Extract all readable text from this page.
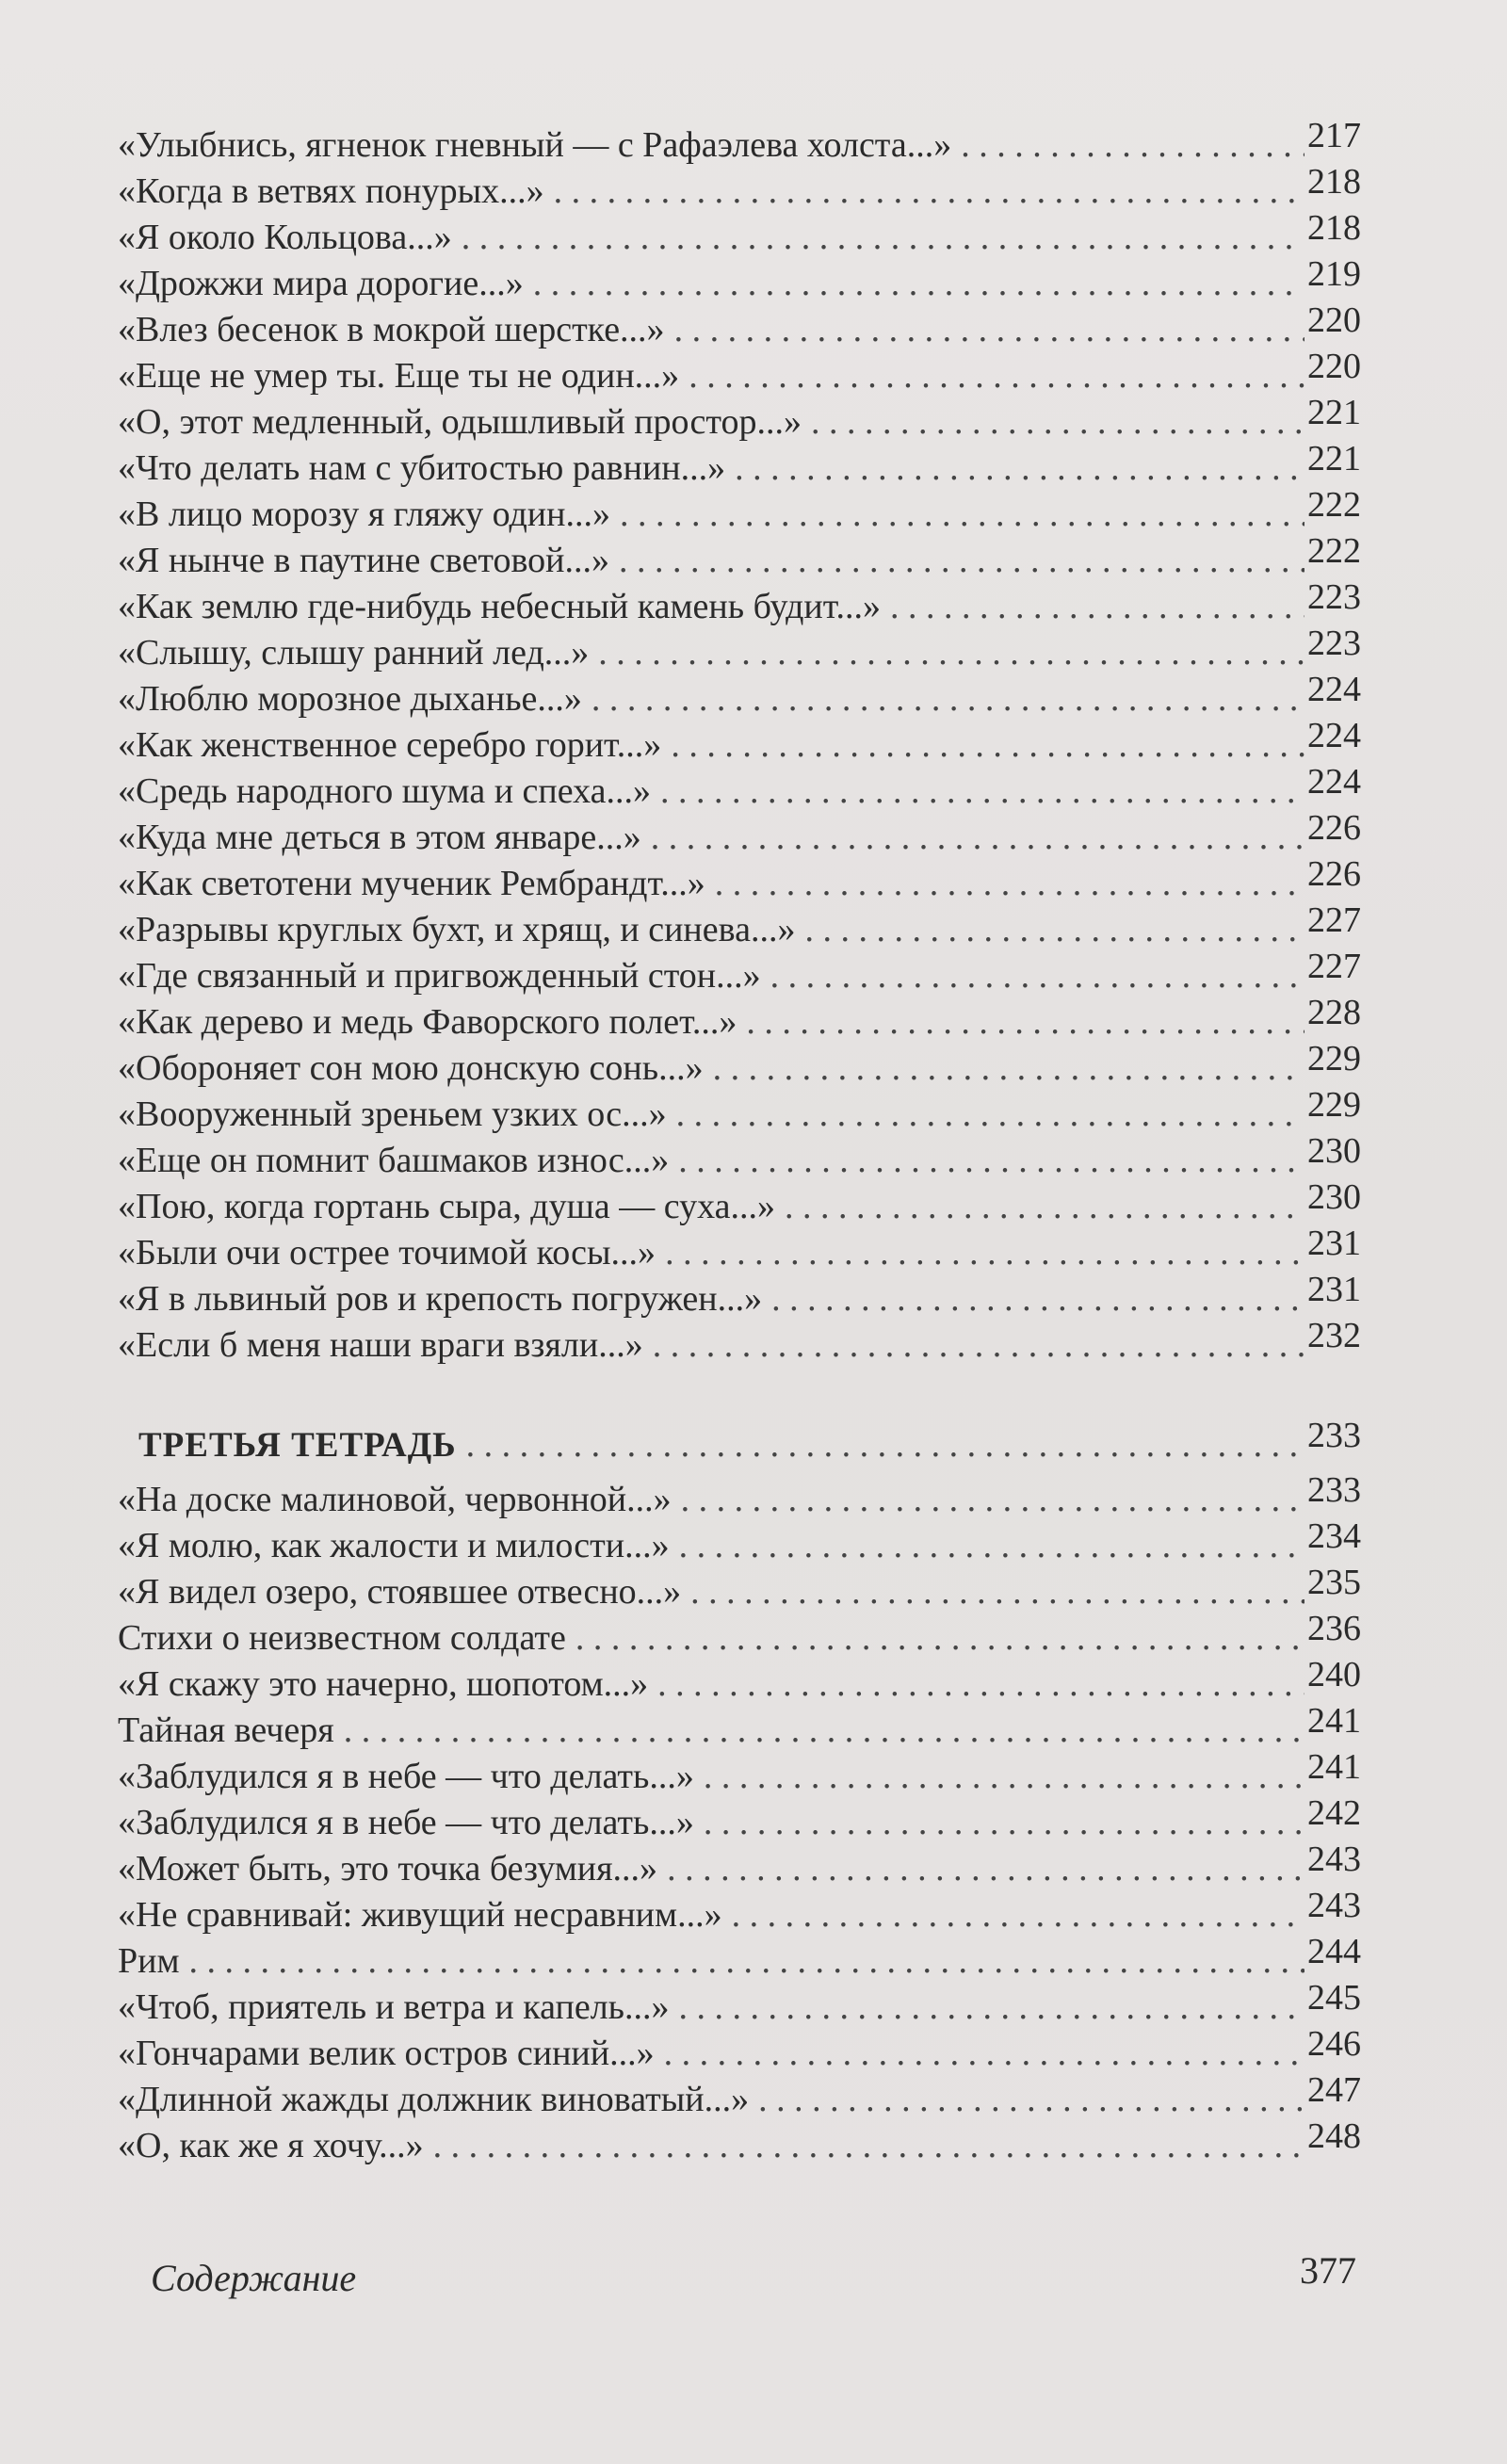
«Улыбнись, ягненок гневный — с Рафаэлева холста...» . . .	217
«Когда в ветвях понурых...» . . .	218
«Я около Кольцова...» . . .	218
«Дрожжи мира дорогие...» . . .	219
«Влез бесенок в мокрой шерстке...» . . .	220
«Еще не умер ты. Еще ты не один...» . . .	220
«О, этот медленный, одышливый простор...» . . .	221
«Что делать нам с убитостью равнин...» . . .	221
«В лицо морозу я гляжу один...» . . .	222
«Я нынче в паутине световой...» . . .	222
«Как землю где-нибудь небесный камень будит...» . . .	223
«Слышу, слышу ранний лед...» . . .	223
«Люблю морозное дыханье...» . . .	224
«Как женственное серебро горит...» . . .	224
«Средь народного шума и спеха...» . . .	224
«Куда мне деться в этом январе...» . . .	226
«Как светотени мученик Рембрандт...» . . .	226
«Разрывы круглых бухт, и хрящ, и синева...» . . .	227
«Где связанный и пригвожденный стон...» . . .	227
«Как дерево и медь Фаворского полет...» . . .	228
«Обороняет сон мою донскую сонь...» . . .	229
«Вооруженный зреньем узких ос...» . . .	229
«Еще он помнит башмаков износ...» . . .	230
«Пою, когда гортань сыра, душа — суха...» . . .	230
«Были очи острее точимой косы...» . . .	231
«Я в львиный ров и крепость погружен...» . . .	231
«Если б меня наши враги взяли...» . . .	232
ТРЕТЬЯ ТЕТРАДЬ . . .	233
«На доске малиновой, червонной...» . . .	233
«Я молю, как жалости и милости...» . . .	234
«Я видел озеро, стоявшее отвесно...» . . .	235
Стихи о неизвестном солдате . . .	236
«Я скажу это начерно, шопотом...» . . .	240
Тайная вечеря . . .	241
«Заблудился я в небе — что делать...» . . .	241
«Заблудился я в небе — что делать...» . . .	242
«Может быть, это точка безумия...» . . .	243
«Не сравнивай: живущий несравним...» . . .	243
Рим . . .	244
«Чтоб, приятель и ветра и капель...» . . .	245
«Гончарами велик остров синий...» . . .	246
«Длинной жажды должник виноватый...» . . .	247
«О, как же я хочу...» . . .	248
Содержание	377
